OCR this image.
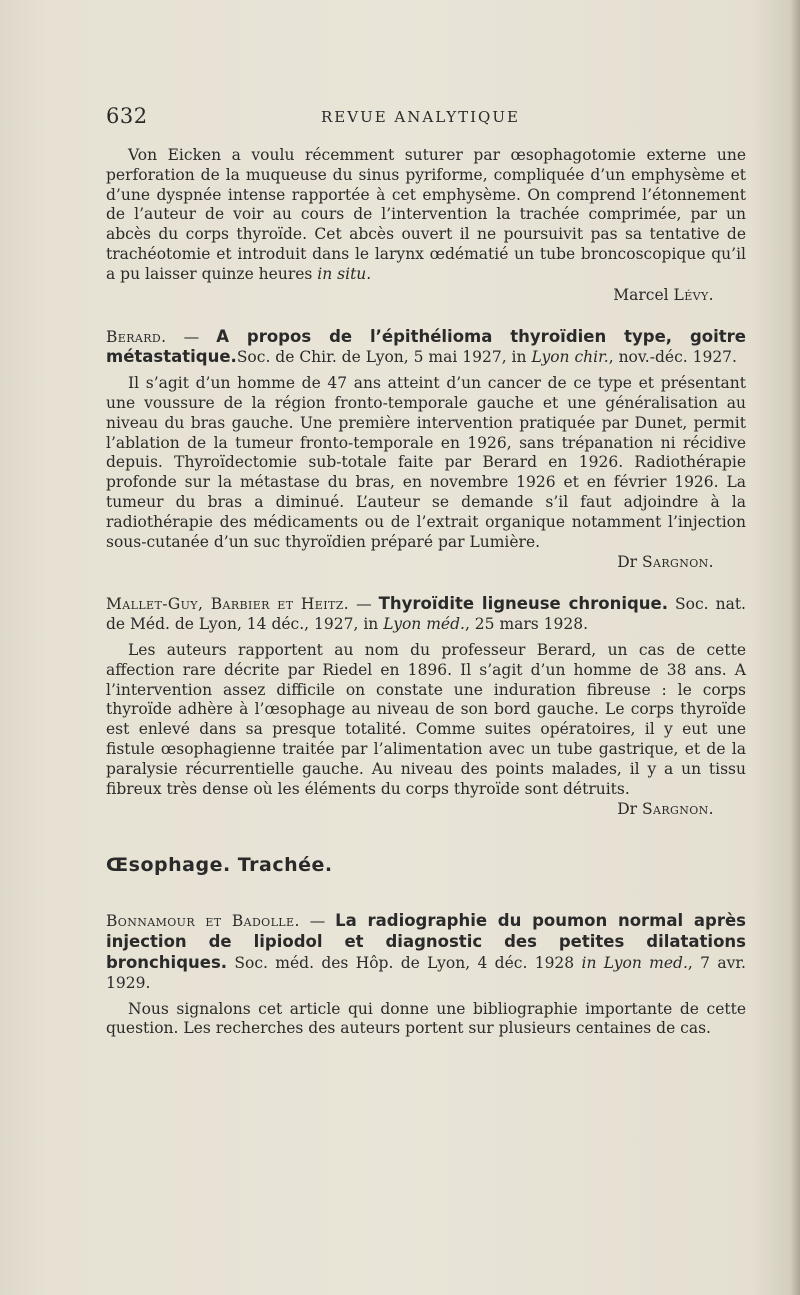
632	REVUE ANALYTIQUE

Von Eicken a voulu récemment suturer par œsophagotomie externe une perforation de la muqueuse du sinus pyriforme, compliquée d’un emphysème et d’une dyspnée intense rapportée à cet emphysème. On comprend l’étonnement de l’auteur de voir au cours de l’intervention la trachée comprimée, par un abcès du corps thyroïde. Cet abcès ouvert il ne poursuivit pas sa tentative de trachéotomie et introduit dans le larynx œdématié un tube broncoscopique qu’il a pu laisser quinze heures in situ.

Marcel Lévy.

Berard. — A propos de l’épithélioma thyroïdien type, goitre métastatique.Soc. de Chir. de Lyon, 5 mai 1927, in Lyon chir., nov.-déc. 1927.

Il s’agit d’un homme de 47 ans atteint d’un cancer de ce type et présentant une voussure de la région fronto-temporale gauche et une généralisation au niveau du bras gauche. Une première intervention pratiquée par Dunet, permit l’ablation de la tumeur fronto-temporale en 1926, sans trépanation ni récidive depuis. Thyroïdectomie sub-totale faite par Berard en 1926. Radiothérapie profonde sur la métastase du bras, en novembre 1926 et en février 1926. La tumeur du bras a diminué. L’auteur se demande s’il faut adjoindre à la radiothérapie des médicaments ou de l’extrait organique notamment l’injection sous-cutanée d’un suc thyroïdien préparé par Lumière.

Dr Sargnon.

Mallet-Guy, Barbier et Heitz. — Thyroïdite ligneuse chronique. Soc. nat. de Méd. de Lyon, 14 déc., 1927, in Lyon méd., 25 mars 1928.

Les auteurs rapportent au nom du professeur Berard, un cas de cette affection rare décrite par Riedel en 1896. Il s’agit d’un homme de 38 ans. A l’intervention assez difficile on constate une induration fibreuse : le corps thyroïde adhère à l’œsophage au niveau de son bord gauche. Le corps thyroïde est enlevé dans sa presque totalité. Comme suites opératoires, il y eut une fistule œsophagienne traitée par l’alimentation avec un tube gastrique, et de la paralysie récurrentielle gauche. Au niveau des points malades, il y a un tissu fibreux très dense où les éléments du corps thyroïde sont détruits.

Dr Sargnon.
Œsophage. Trachée.

Bonnamour et Badolle. — La radiographie du poumon normal après injection de lipiodol et diagnostic des petites dilatations bronchiques. Soc. méd. des Hôp. de Lyon, 4 déc. 1928 in Lyon med., 7 avr. 1929.

Nous signalons cet article qui donne une bibliographie importante de cette question. Les recherches des auteurs portent sur plusieurs centaines de cas.
